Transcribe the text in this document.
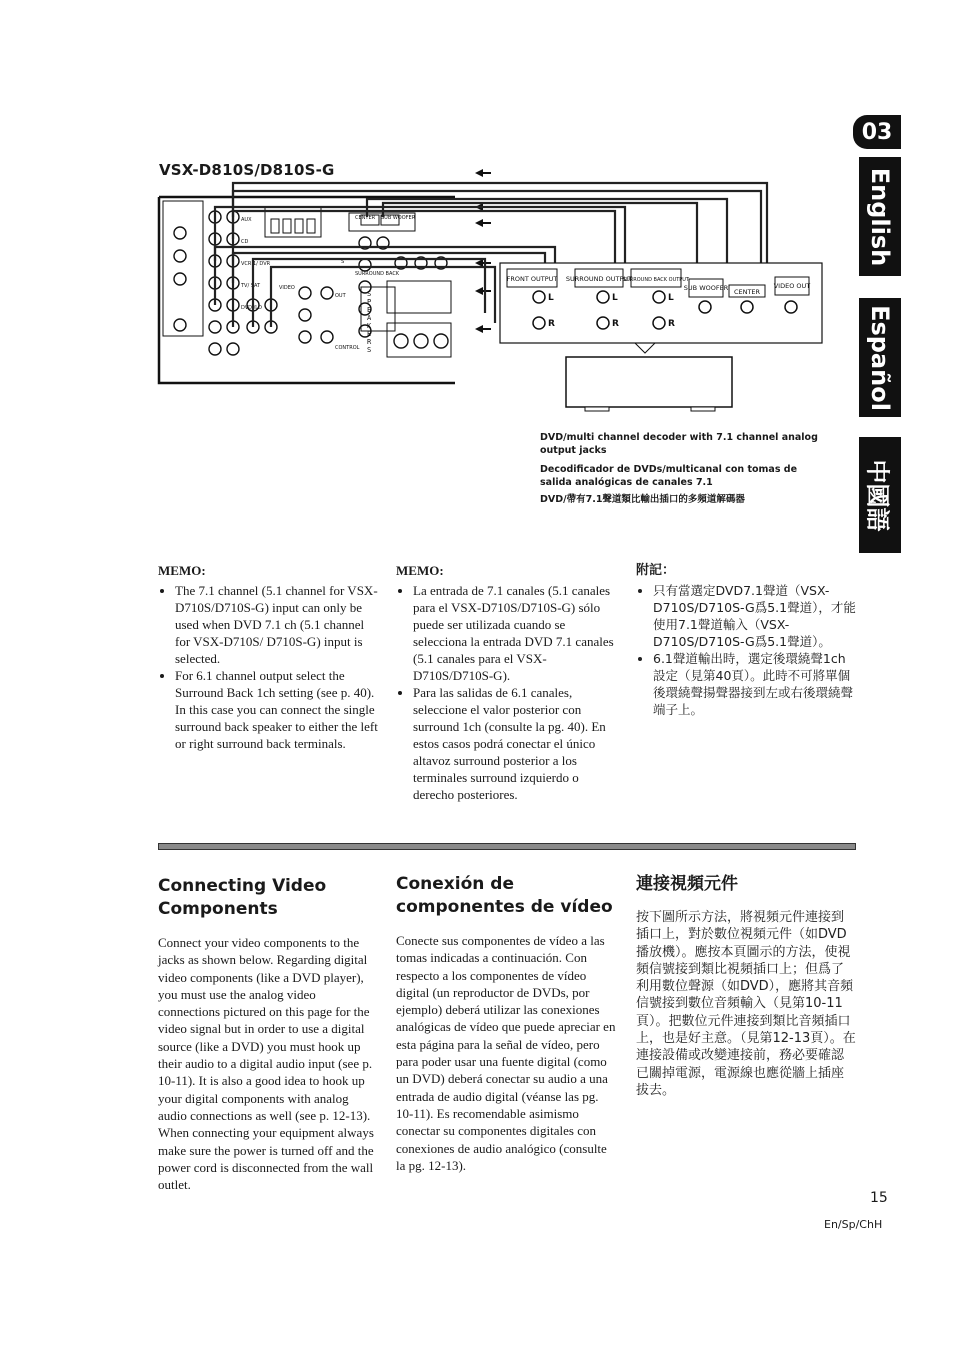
VSX-D810S/D810S-G
03
English
Español
中國語
AUX
CD
VCR 1/ DVR
TV/ SAT
DVD /LD
VIDEO
OUT
CONTROL
SURROUND BACK
CENTER SUB WOOFER
S
S
P
E
A
K
E
R
S
FRONT OUTPUT SURROUND OUTPUT
SURROUND BACK OUTPUT
SUB WOOFER CENTER
VIDEO OUT
L
R
L
R
L
R
DVD/multi channel decoder with 7.1 channel analog output jacks
Decodificador de DVDs/multicanal con tomas de salida analógicas de canales 7.1
DVD/帶有7.1聲道類比輸出插口的多頻道解碼器
MEMO:
• The 7.1 channel (5.1 channel for VSX-D710S/D710S-G) input can only be used when DVD 7.1 ch (5.1 channel for VSX-D710S/ D710S-G) input is selected.
• For 6.1 channel output select the Surround Back 1ch setting (see p. 40). In this case you can connect the single surround back speaker to either the left or right surround back terminals.
MEMO:
• La entrada de 7.1 canales (5.1 canales para el VSX-D710S/D710S-G) sólo puede ser utilizada cuando se selecciona la entrada DVD 7.1 canales (5.1 canales para el VSX-D710S/D710S-G).
• Para las salidas de 6.1 canales, seleccione el valor posterior con surround 1ch (consulte la pg. 40). En estos casos podrá conectar el único altavoz surround posterior a los terminales surround izquierdo o derecho posteriores.
附記：
• 只有當選定DVD7.1聲道（VSX-D710S/D710S-G爲5.1聲道），才能使用7.1聲道輸入（VSX-D710S/D710S-G爲5.1聲道）。
• 6.1聲道輸出時，選定後環繞聲1ch設定（見第40頁）。此時不可將單個後環繞聲揚聲器接到左或右後環繞聲端子上。
Connecting Video Components
Connect your video components to the jacks as shown below. Regarding digital video components (like a DVD player), you must use the analog video connections pictured on this page for the video signal but in order to use a digital source (like a DVD) you must hook up their audio to a digital audio input (see p. 10-11). It is also a good idea to hook up your digital components with analog audio connections as well (see p. 12-13). When connecting your equipment always make sure the power is turned off and the power cord is disconnected from the wall outlet.
Conexión de componentes de vídeo
Conecte sus componentes de vídeo a las tomas indicadas a continuación. Con respecto a los componentes de vídeo digital (un reproductor de DVDs, por ejemplo) deberá utilizar las conexiones analógicas de vídeo que puede apreciar en esta página para la señal de vídeo, pero para poder usar una fuente digital (como un DVD) deberá conectar su audio a una entrada de audio digital (véanse las pg. 10-11). Es recomendable asimismo conectar su componentes digitales con conexiones de audio analógico (consulte la pg. 12-13).
連接視頻元件
按下圖所示方法，將視頻元件連接到插口上，對於數位視頻元件（如DVD播放機）。應按本頁圖示的方法，使視頻信號接到類比視頻插口上；但爲了利用數位聲源（如DVD），應將其音頻信號接到數位音頻輸入（見第10-11頁）。把數位元件連接到類比音頻插口上，也是好主意。（見第12-13頁）。在連接設備或改變連接前，務必要確認已關掉電源，電源線也應從牆上插座拔去。
15
En/Sp/ChH
